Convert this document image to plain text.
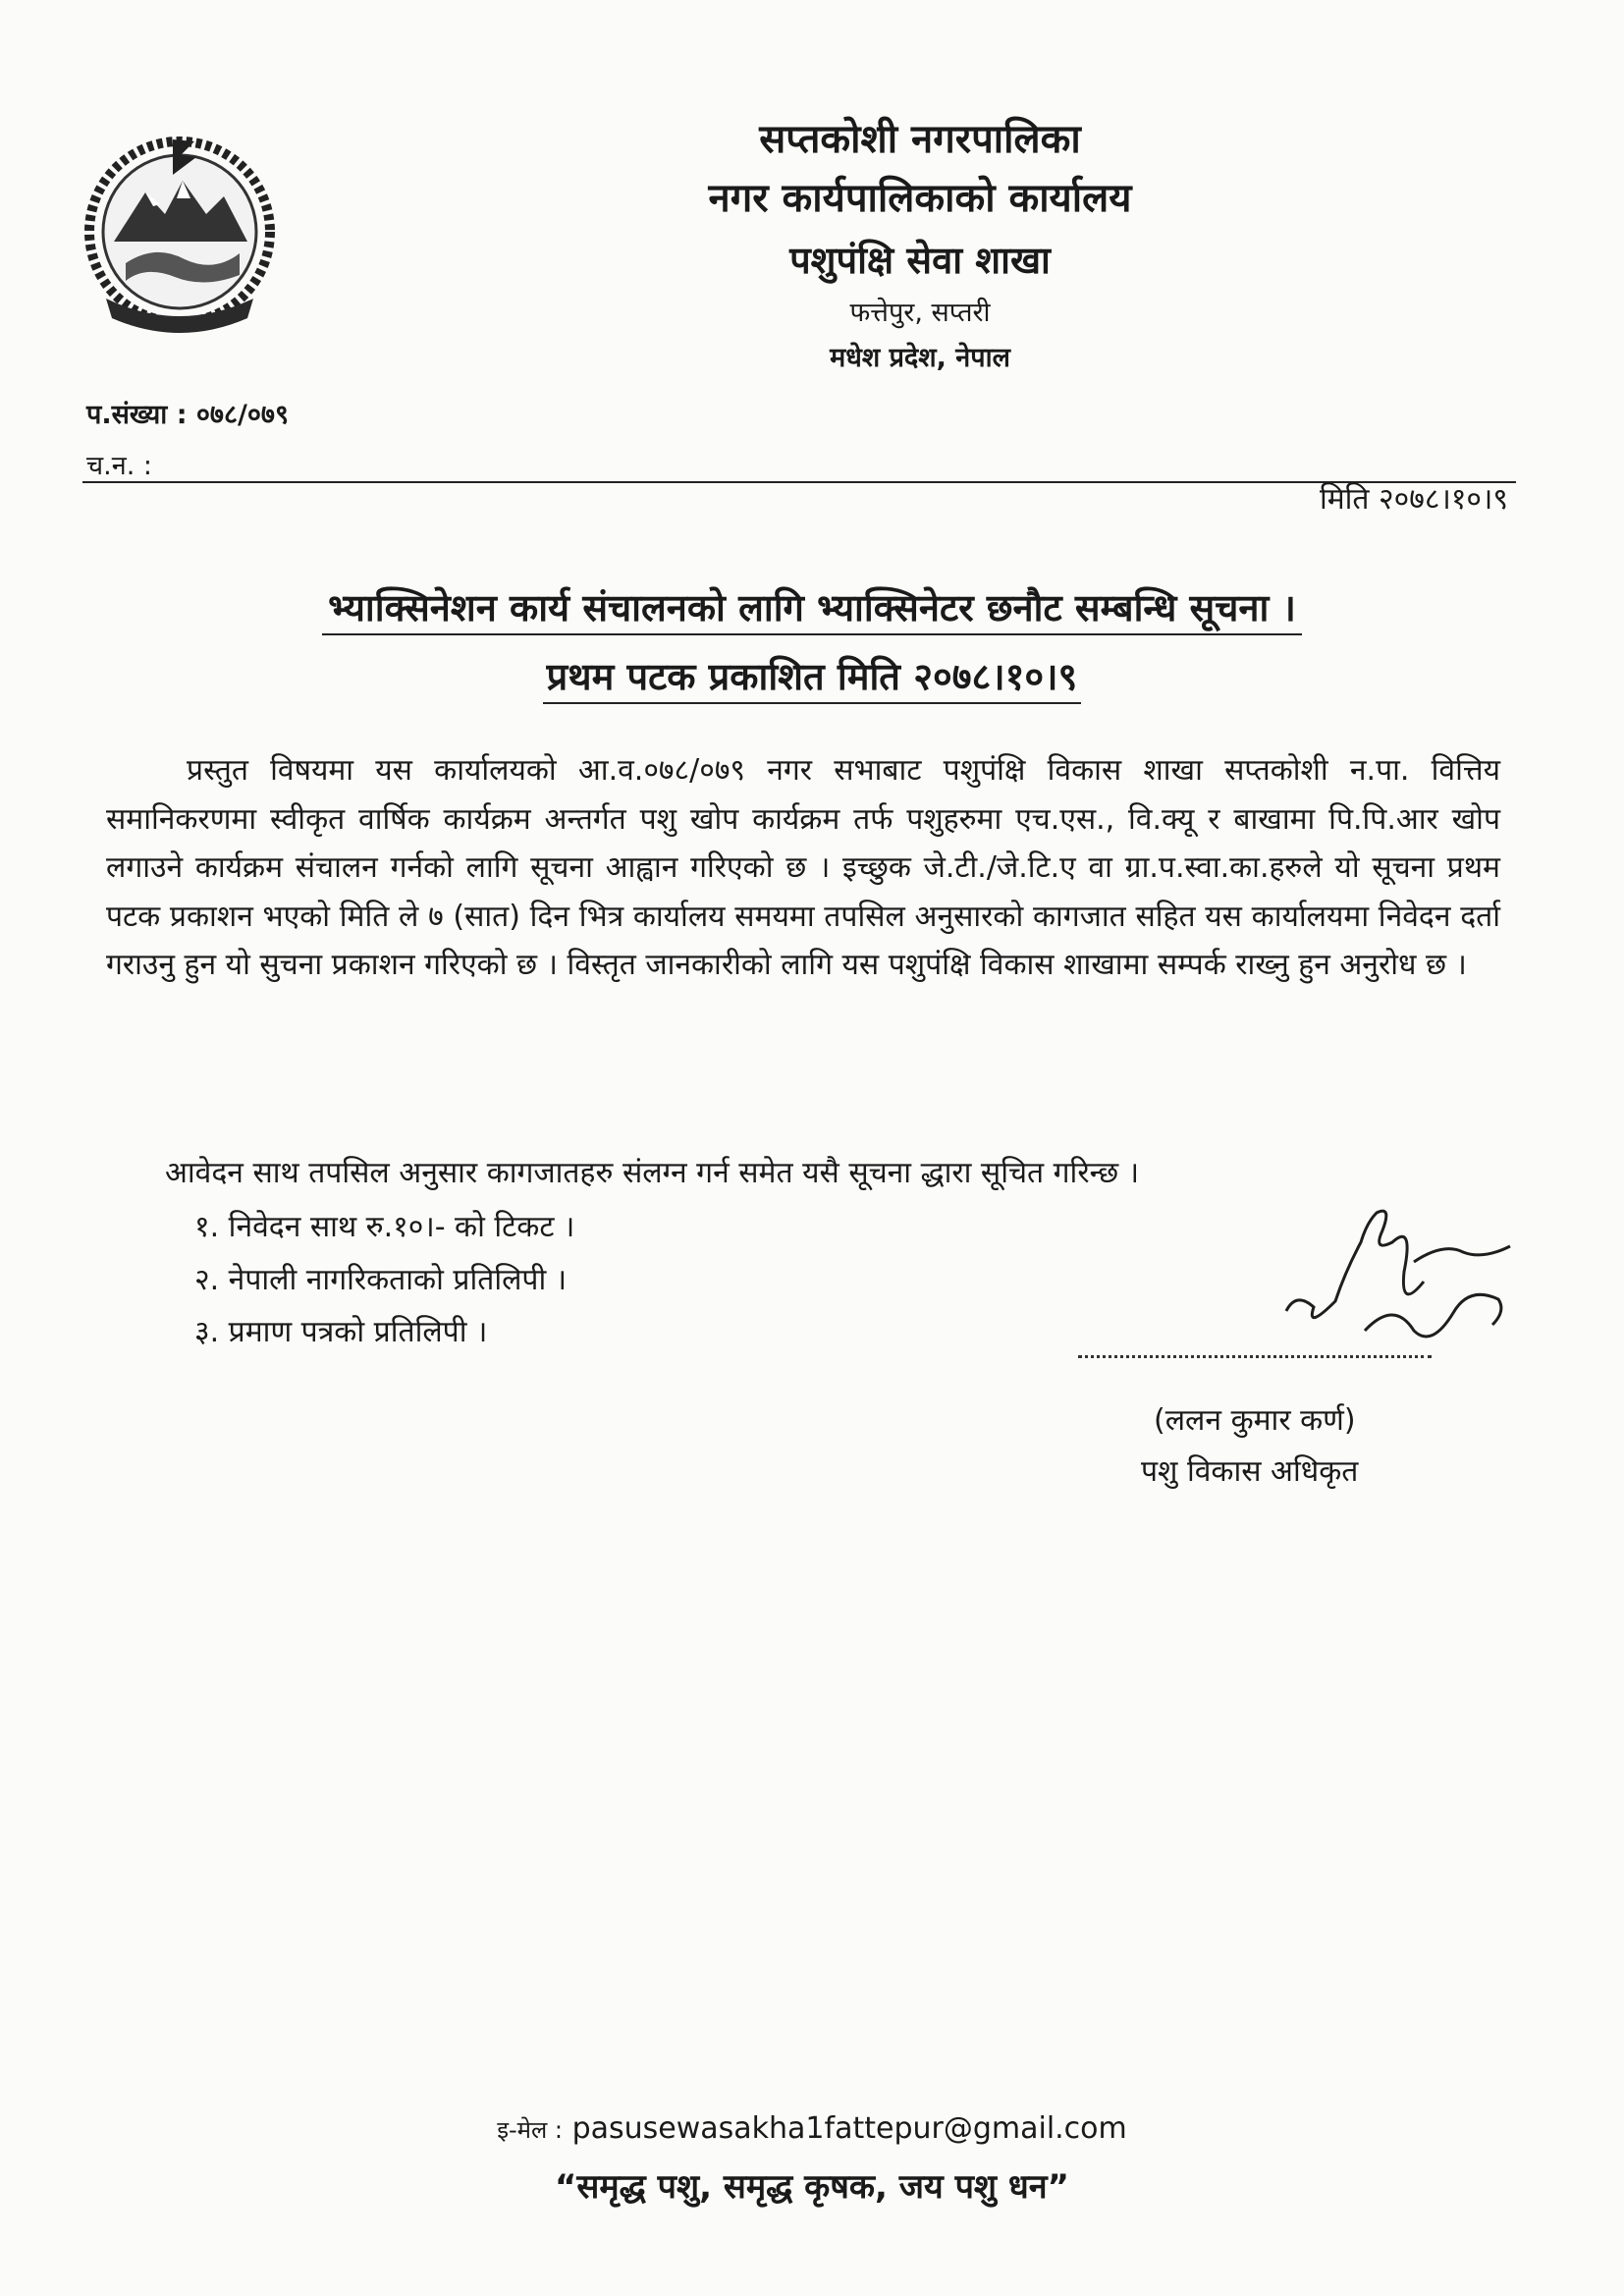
सप्तकोशी नगरपालिका
नगर कार्यपालिकाको कार्यालय
पशुपंक्षि सेवा शाखा
फत्तेपुर, सप्तरी
मधेश प्रदेश, नेपाल
प.संख्या : ०७८/०७९
च.न. :
मिति २०७८।१०।९
भ्याक्सिनेशन कार्य संचालनको लागि भ्याक्सिनेटर छनौट सम्बन्धि सूचना ।
प्रथम पटक प्रकाशित मिति २०७८।१०।९
प्रस्तुत विषयमा यस कार्यालयको आ.व.०७८/०७९ नगर सभाबाट पशुपंक्षि विकास शाखा सप्तकोशी न.पा. वित्तिय समानिकरणमा स्वीकृत वार्षिक कार्यक्रम अन्तर्गत पशु खोप कार्यक्रम तर्फ पशुहरुमा एच.एस., वि.क्यू र बाखामा पि.पि.आर खोप लगाउने कार्यक्रम संचालन गर्नको लागि सूचना आह्वान गरिएको छ । इच्छुक जे.टी./जे.टि.ए वा ग्रा.प.स्वा.का.हरुले यो सूचना प्रथम पटक प्रकाशन भएको मिति ले ७ (सात) दिन भित्र कार्यालय समयमा तपसिल अनुसारको कागजात सहित यस कार्यालयमा निवेदन दर्ता गराउनु हुन यो सुचना प्रकाशन गरिएको छ । विस्तृत जानकारीको लागि यस पशुपंक्षि विकास शाखामा सम्पर्क राख्नु हुन अनुरोध छ ।
आवेदन साथ तपसिल अनुसार कागजातहरु संलग्न गर्न समेत यसै सूचना द्धारा सूचित गरिन्छ ।
१. निवेदन साथ रु.१०।- को टिकट ।
२. नेपाली नागरिकताको प्रतिलिपी ।
३. प्रमाण पत्रको प्रतिलिपी ।
(ललन कुमार कर्ण)
पशु विकास अधिकृत
इ-मेल : pasusewasakha1fattepur@gmail.com
“समृद्ध पशु, समृद्ध कृषक, जय पशु धन”
